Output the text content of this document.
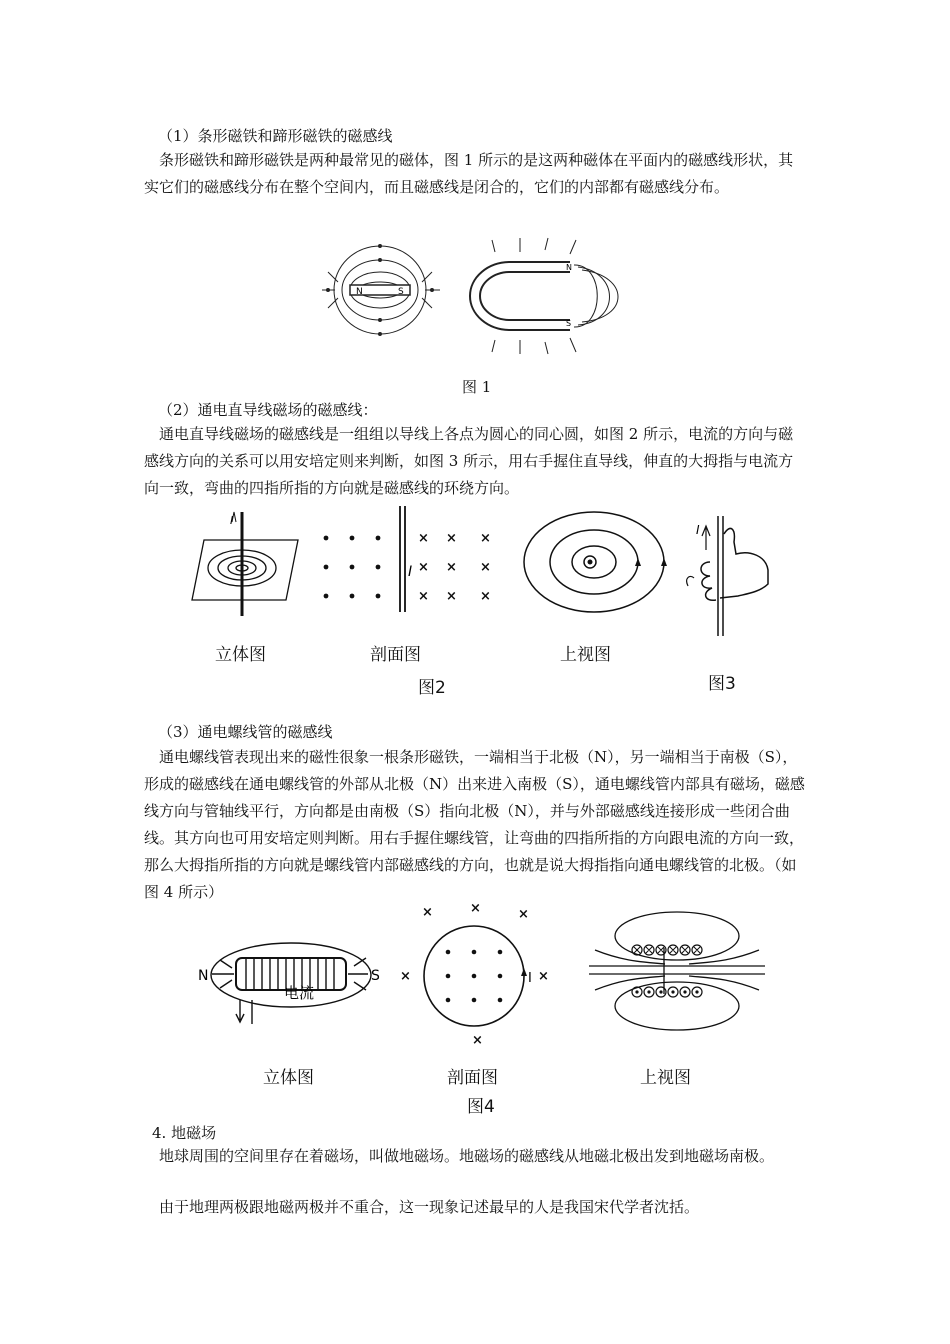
（1）条形磁铁和蹄形磁铁的磁感线

条形磁铁和蹄形磁铁是两种最常见的磁体，图 1 所示的是这两种磁体在平面内的磁感线形状，其实它们的磁感线分布在整个空间内，而且磁感线是闭合的，它们的内部都有磁感线分布。

N	S
N
S
图 1
（2）通电直导线磁场的磁感线：

通电直导线磁场的磁感线是一组组以导线上各点为圆心的同心圆，如图 2 所示，电流的方向与磁感线方向的关系可以用安培定则来判断，如图 3 所示，用右手握住直导线，伸直的大拇指与电流方向一致，弯曲的四指所指的方向就是磁感线的环绕方向。

I
× × ×
× × ×
× × ×
I
I
立体图	剖面图	上视图
图2	图3
（3）通电螺线管的磁感线

通电螺线管表现出来的磁性很象一根条形磁铁，一端相当于北极（N），另一端相当于南极（S），形成的磁感线在通电螺线管的外部从北极（N）出来进入南极（S），通电螺线管内部具有磁场，磁感线方向与管轴线平行，方向都是由南极（S）指向北极（N），并与外部磁感线连接形成一些闭合曲线。其方向也可用安培定则判断。用右手握住螺线管，让弯曲的四指所指的方向跟电流的方向一致，那么大拇指所指的方向就是螺线管内部磁感线的方向，也就是说大拇指指向通电螺线管的北极。（如图 4 所示）

N	S
电流
×	×	×
×	×
×
I
立体图	剖面图	上视图
图4
4. 地磁场

地球周围的空间里存在着磁场，叫做地磁场。地磁场的磁感线从地磁北极出发到地磁场南极。

由于地理两极跟地磁两极并不重合，这一现象记述最早的人是我国宋代学者沈括。
